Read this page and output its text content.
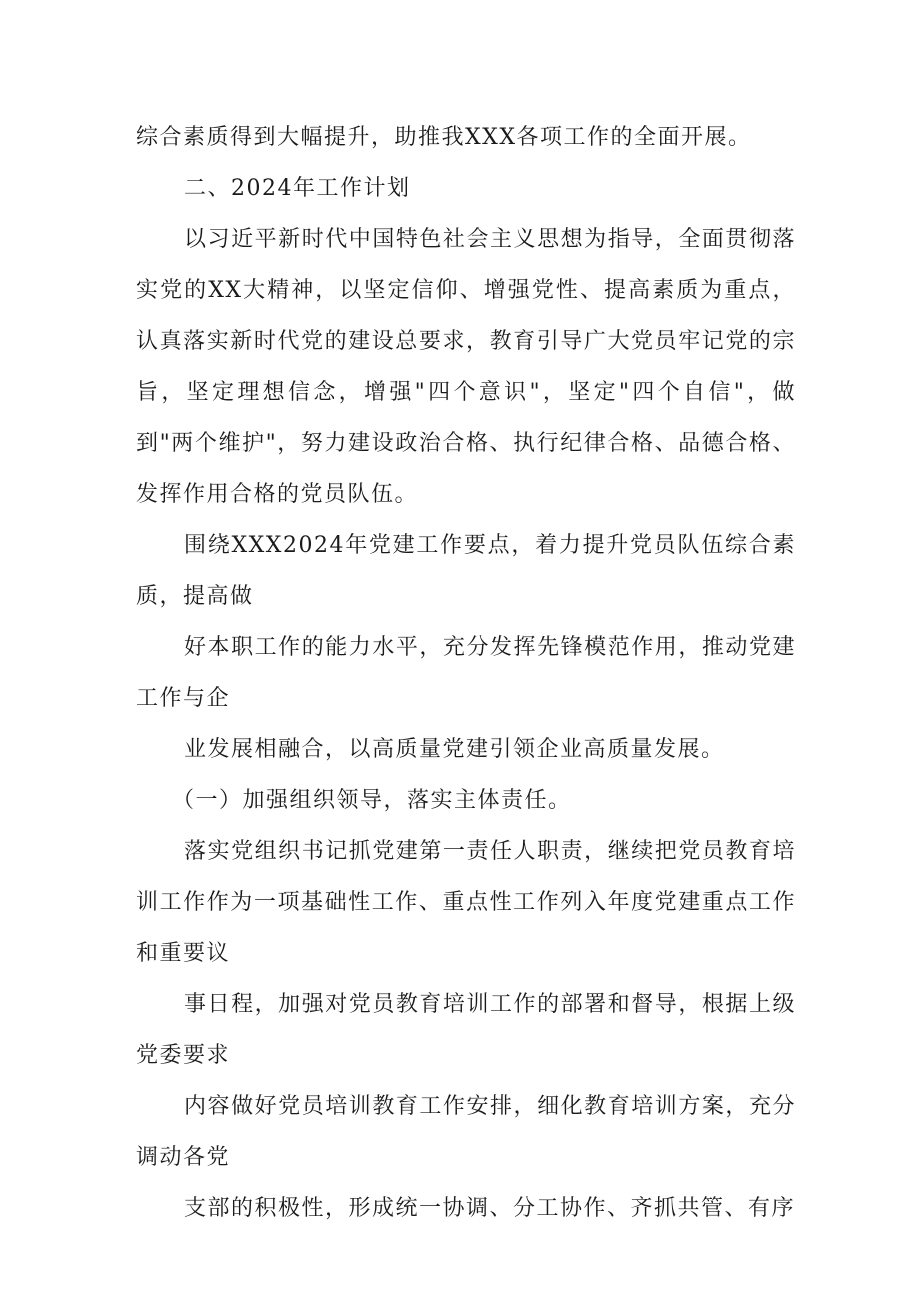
综合素质得到大幅提升，助推我XXX各项工作的全面开展。

二、2024年工作计划

以习近平新时代中国特色社会主义思想为指导，全面贯彻落实党的XX大精神，以坚定信仰、增强党性、提高素质为重点，认真落实新时代党的建设总要求，教育引导广大党员牢记党的宗旨，坚定理想信念，增强"四个意识"，坚定"四个自信"，做到"两个维护"，努力建设政治合格、执行纪律合格、品德合格、发挥作用合格的党员队伍。

围绕XXX2024年党建工作要点，着力提升党员队伍综合素质，提高做

好本职工作的能力水平，充分发挥先锋模范作用，推动党建工作与企

业发展相融合，以高质量党建引领企业高质量发展。

（一）加强组织领导，落实主体责任。

落实党组织书记抓党建第一责任人职责，继续把党员教育培训工作作为一项基础性工作、重点性工作列入年度党建重点工作和重要议

事日程，加强对党员教育培训工作的部署和督导，根据上级党委要求

内容做好党员培训教育工作安排，细化教育培训方案，充分调动各党

支部的积极性，形成统一协调、分工协作、齐抓共管、有序
